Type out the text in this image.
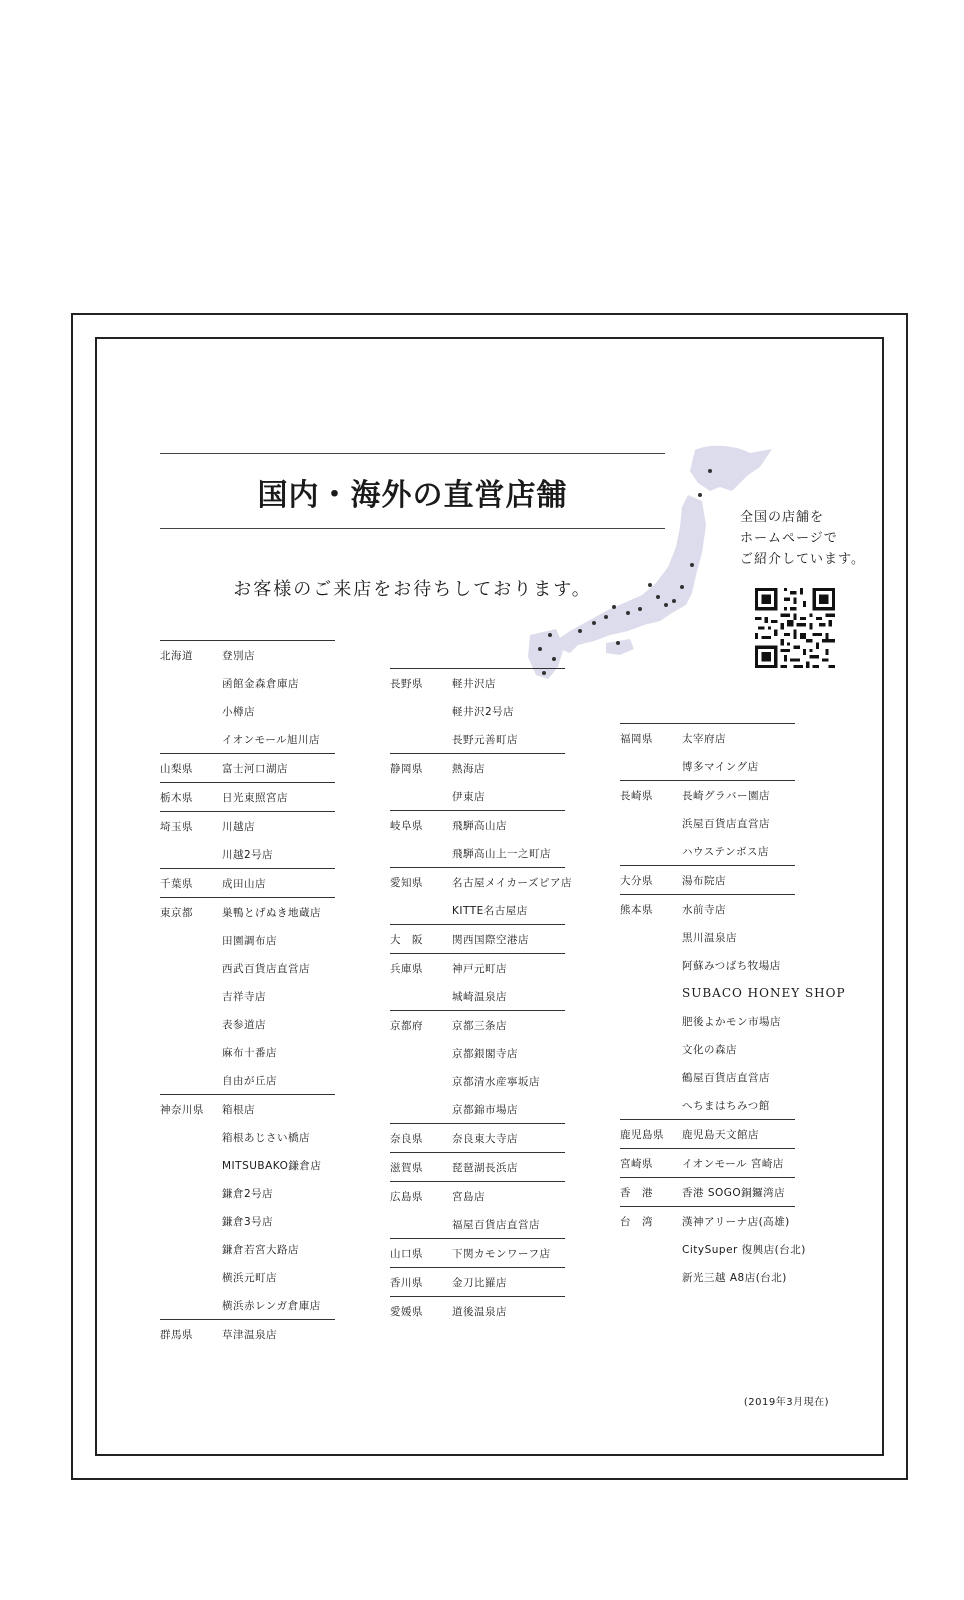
国内・海外の直営店舗
お客様のご来店をお待ちしております。
全国の店舗を
ホームページで
ご紹介しています。
北海道	登別店
函館金森倉庫店
小樽店
イオンモール旭川店
山梨県	富士河口湖店
栃木県	日光東照宮店
埼玉県	川越店
川越2号店
千葉県	成田山店
東京都	巣鴨とげぬき地蔵店
田園調布店
西武百貨店直営店
吉祥寺店
表参道店
麻布十番店
自由が丘店
神奈川県	箱根店
箱根あじさい橋店
MITSUBAKO鎌倉店
鎌倉2号店
鎌倉3号店
鎌倉若宮大路店
横浜元町店
横浜赤レンガ倉庫店
群馬県	草津温泉店
長野県	軽井沢店
軽井沢2号店
長野元善町店
静岡県	熱海店
伊東店
岐阜県	飛騨高山店
飛騨高山上一之町店
愛知県	名古屋メイカーズピア店
KITTE名古屋店
大　阪	関西国際空港店
兵庫県	神戸元町店
城崎温泉店
京都府	京都三条店
京都銀閣寺店
京都清水産寧坂店
京都錦市場店
奈良県	奈良東大寺店
滋賀県	琵琶湖長浜店
広島県	宮島店
福屋百貨店直営店
山口県	下関カモンワーフ店
香川県	金刀比羅店
愛媛県	道後温泉店
福岡県	太宰府店
博多マイング店
長崎県	長崎グラバー園店
浜屋百貨店直営店
ハウステンボス店
大分県	湯布院店
熊本県	水前寺店
黒川温泉店
阿蘇みつばち牧場店
SUBACO HONEY SHOP
肥後よかモン市場店
文化の森店
鶴屋百貨店直営店
へちまはちみつ館
鹿児島県	鹿児島天文館店
宮崎県	イオンモール 宮崎店
香　港	香港 SOGO銅鑼湾店
台　湾	漢神アリーナ店(高雄)
CitySuper 復興店(台北)
新光三越 A8店(台北)
(2019年3月現在)
